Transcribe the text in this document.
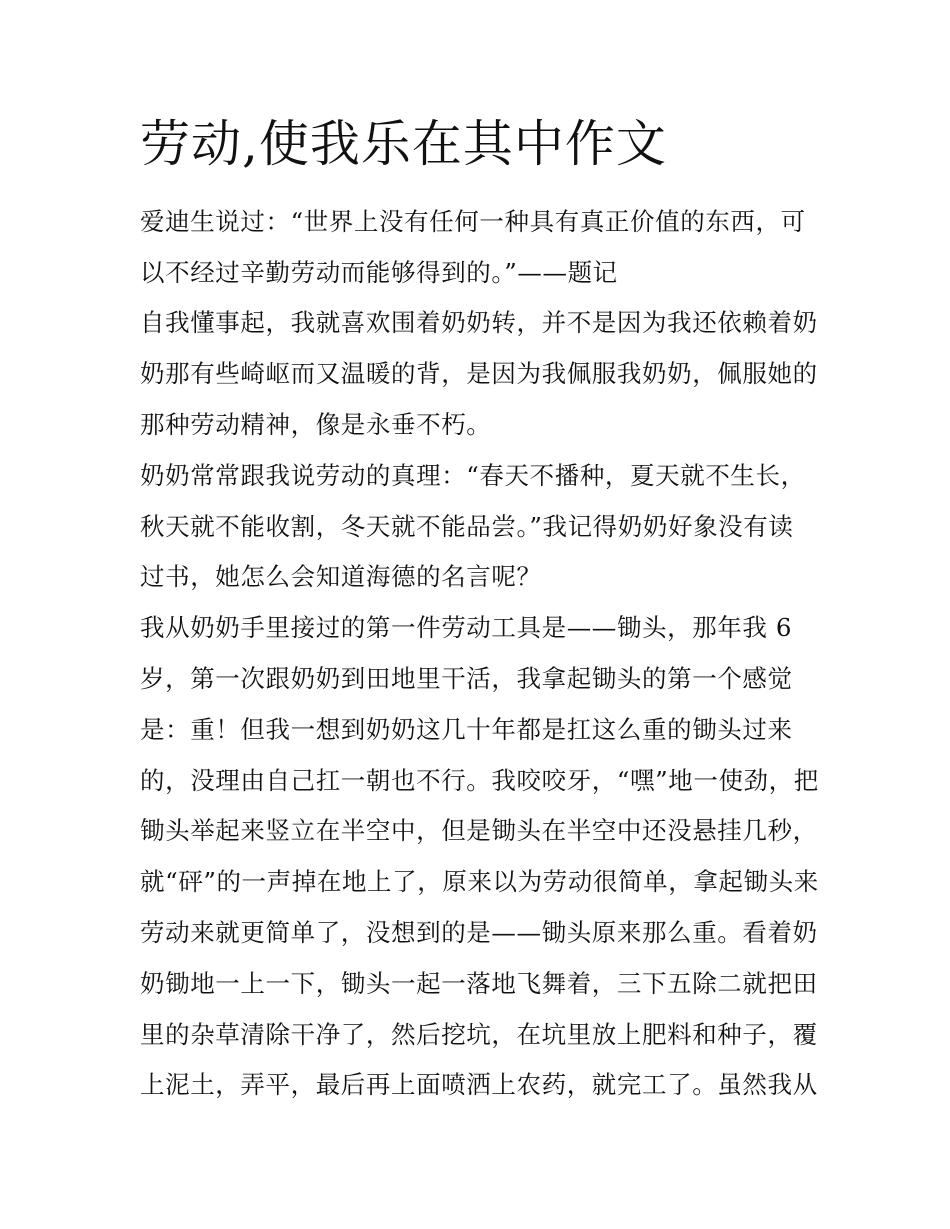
劳动,使我乐在其中作文
爱迪生说过：“世界上没有任何一种具有真正价值的东西，可
以不经过辛勤劳动而能够得到的。”——题记
自我懂事起，我就喜欢围着奶奶转，并不是因为我还依赖着奶
奶那有些崎岖而又温暖的背，是因为我佩服我奶奶，佩服她的
那种劳动精神，像是永垂不朽。
奶奶常常跟我说劳动的真理：“春天不播种，夏天就不生长，
秋天就不能收割，冬天就不能品尝。”我记得奶奶好象没有读
过书，她怎么会知道海德的名言呢？
我从奶奶手里接过的第一件劳动工具是——锄头，那年我 6
岁，第一次跟奶奶到田地里干活，我拿起锄头的第一个感觉
是：重！但我一想到奶奶这几十年都是扛这么重的锄头过来
的，没理由自己扛一朝也不行。我咬咬牙，“嘿”地一使劲，把
锄头举起来竖立在半空中，但是锄头在半空中还没悬挂几秒，
就“砰”的一声掉在地上了，原来以为劳动很简单，拿起锄头来
劳动来就更简单了，没想到的是——锄头原来那么重。看着奶
奶锄地一上一下，锄头一起一落地飞舞着，三下五除二就把田
里的杂草清除干净了，然后挖坑，在坑里放上肥料和种子，覆
上泥土，弄平，最后再上面喷洒上农药，就完工了。虽然我从
